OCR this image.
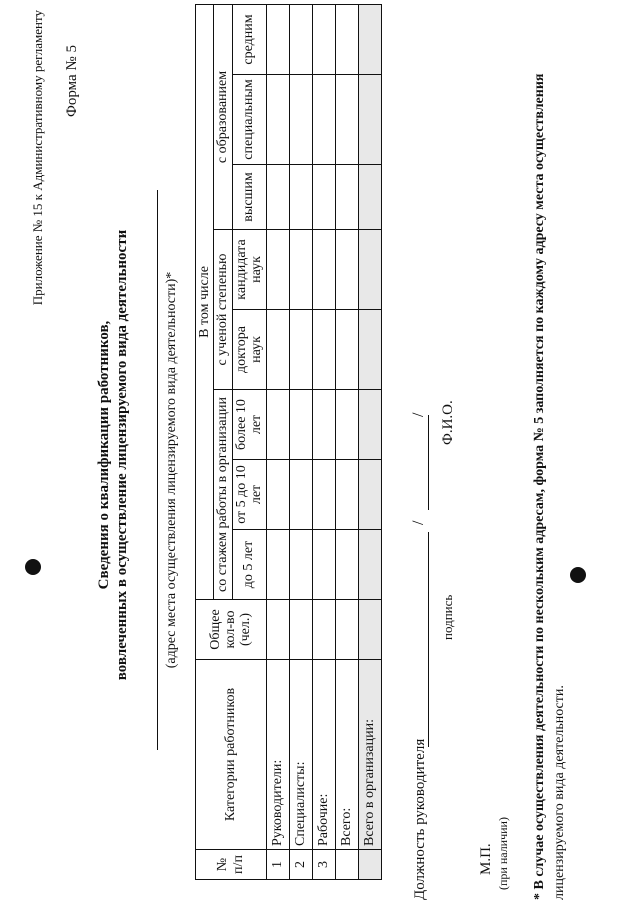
Приложение № 15 к Административному регламенту Форма № 5
Сведения о квалификации работников, вовлеченных в осуществление лицензируемого вида деятельности (адрес места осуществления лицензируемого вида деятельности)*
№ п/п	Категории работников	Общее кол-во (чел.)	В том числе							
			со стажем работы в организации			с ученой степенью		с образованием		
			до 5 лет	от 5 до 10 лет	более 10 лет	доктора наук	кандидата наук	высшим	специальным	средним
1	Руководители:									
2	Специалисты:									
3	Рабочие:									
	Всего:									
	Всего в организации:									Должность руководителя
/
/
подпись
Ф.И.О.
М.П. (при наличии) * В случае осуществления деятельности по нескольким адресам, форма № 5 заполняется по каждому адресу места осуществления лицензируемого вида деятельности.
